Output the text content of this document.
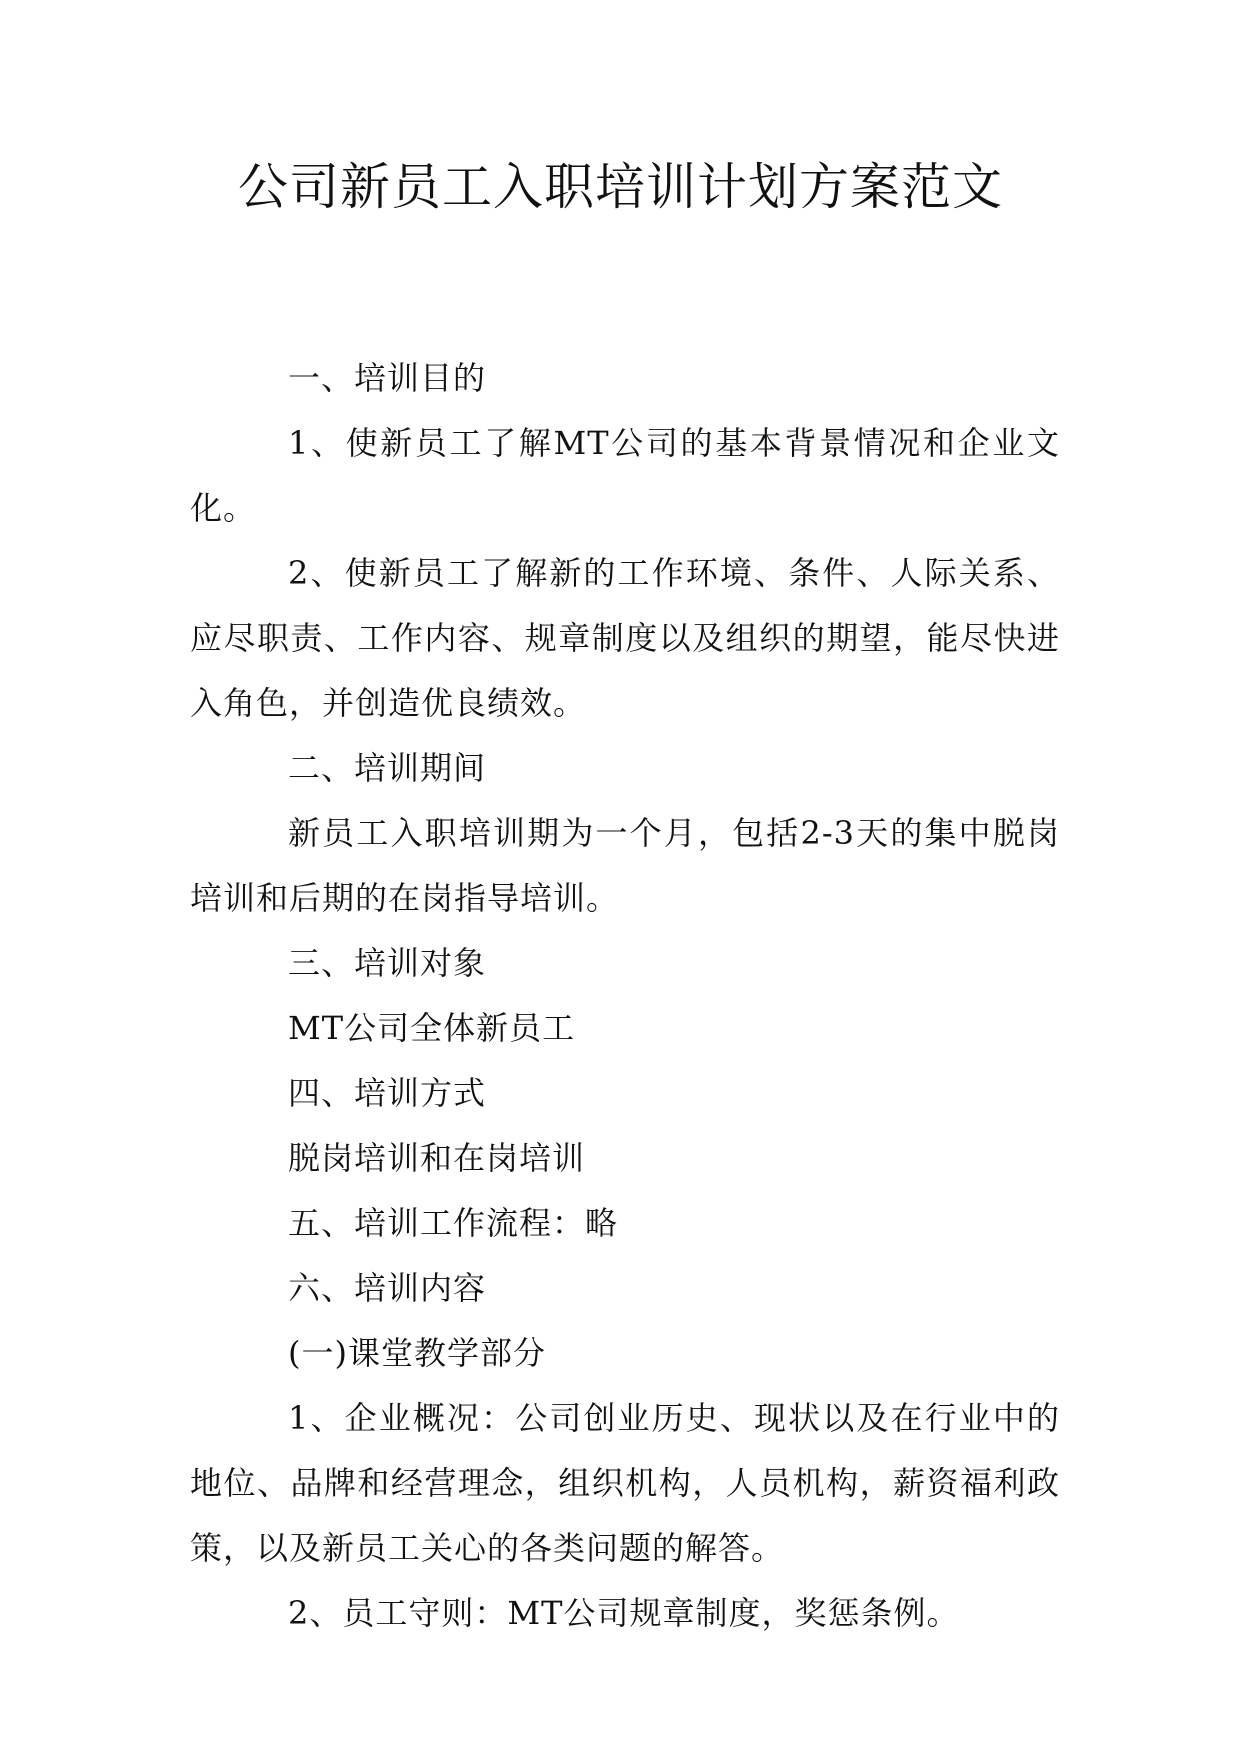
公司新员工入职培训计划方案范文

一、培训目的

1、使新员工了解MT公司的基本背景情况和企业文化。

2、使新员工了解新的工作环境、条件、人际关系、应尽职责、工作内容、规章制度以及组织的期望，能尽快进入角色，并创造优良绩效。

二、培训期间

新员工入职培训期为一个月，包括2-3天的集中脱岗培训和后期的在岗指导培训。

三、培训对象

MT公司全体新员工

四、培训方式

脱岗培训和在岗培训

五、培训工作流程：略

六、培训内容

(一)课堂教学部分

1、企业概况：公司创业历史、现状以及在行业中的地位、品牌和经营理念，组织机构，人员机构，薪资福利政策，以及新员工关心的各类问题的解答。

2、员工守则：MT公司规章制度，奖惩条例。
